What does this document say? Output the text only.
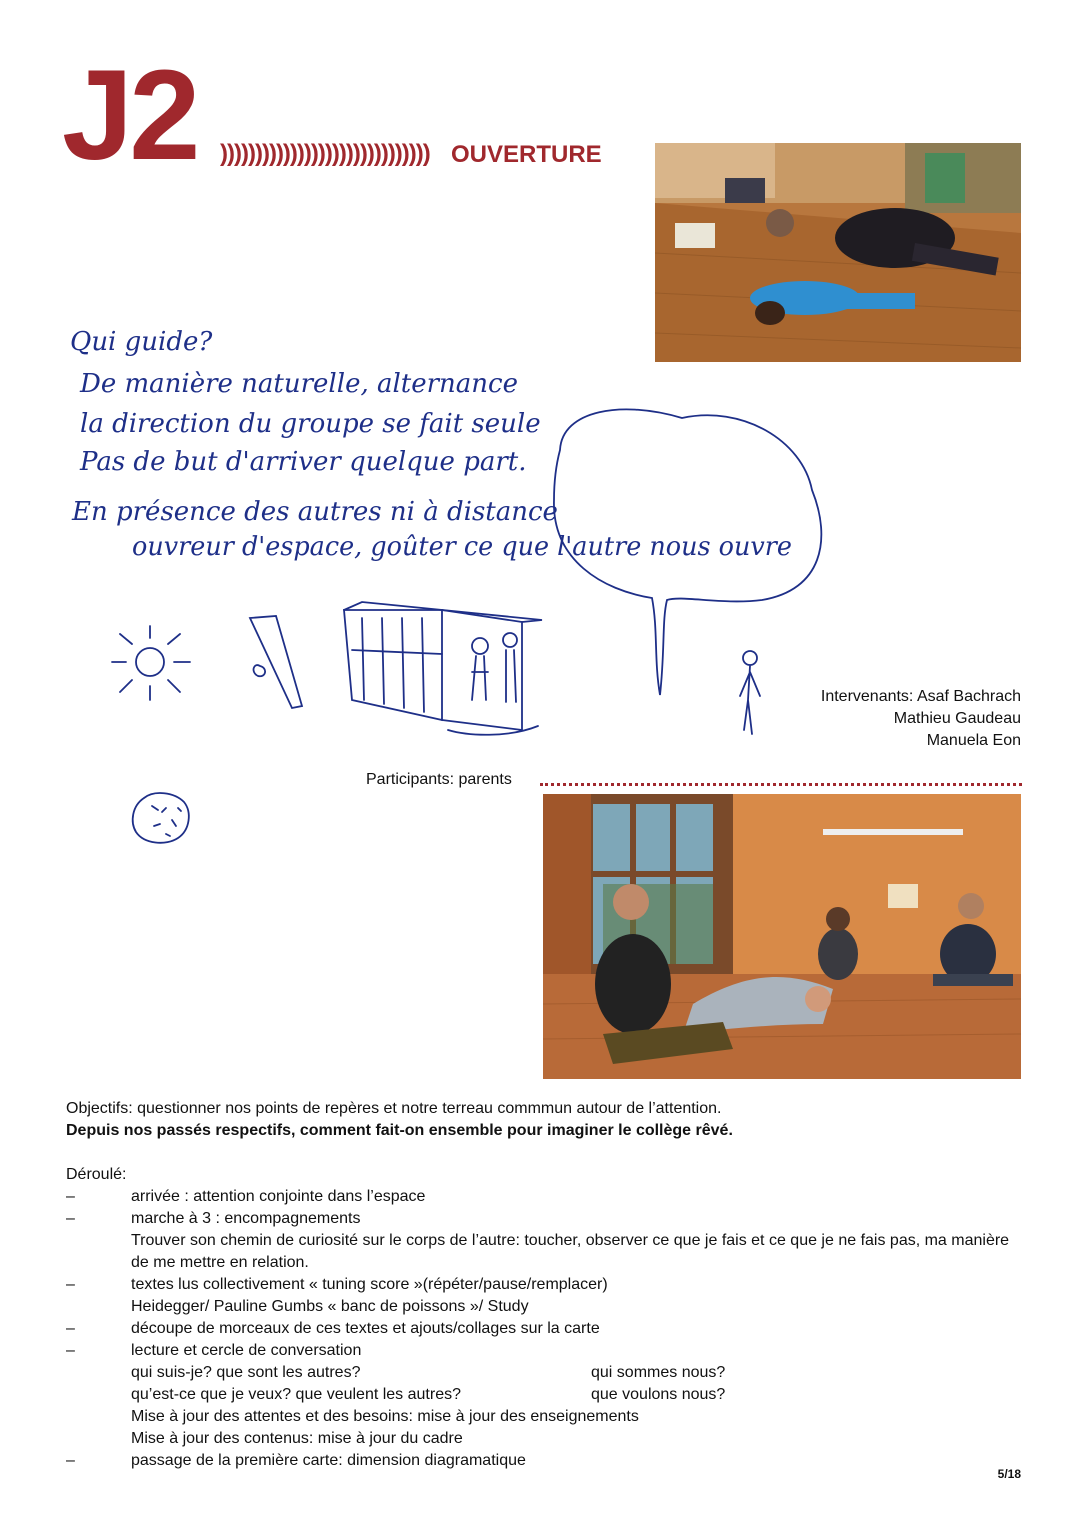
J2 )))))))))))))))))))))))))))))) OUVERTURE
Qui guide?
De manière naturelle, alternance
la direction du groupe se fait seule
Pas de but d'arriver quelque part.
En présence des autres ni à distance
ouvreur d'espace, goûter ce que l'autre nous ouvre
Intervenants: Asaf Bachrach
Mathieu Gaudeau
Manuela Eon
Participants: parents

Objectifs: questionner nos points de repères et notre terreau commmun autour de l’attention.

Depuis nos passés respectifs, comment fait-on ensemble pour imaginer le collège rêvé.

Déroulé:

–	arrivée : attention conjointe dans l’espace
–	marche à 3 : encompagnements
Trouver son chemin de curiosité sur le corps de l’autre: toucher, observer ce que je fais et ce que je ne fais pas, ma manière de me mettre en relation.
–	textes lus collectivement « tuning score »(répéter/pause/remplacer)
Heidegger/ Pauline Gumbs « banc de poissons »/ Study
–	découpe de morceaux de ces textes et ajouts/collages sur la carte
–	lecture et cercle de conversation
qui suis-je? que sont les autres?	qui sommes nous?
qu’est-ce que je veux? que veulent les autres?	que voulons nous?
Mise à jour des attentes et des besoins: mise à jour des enseignements
Mise à jour des contenus: mise à jour du cadre
–	passage de la première carte: dimension diagramatique
5/18
